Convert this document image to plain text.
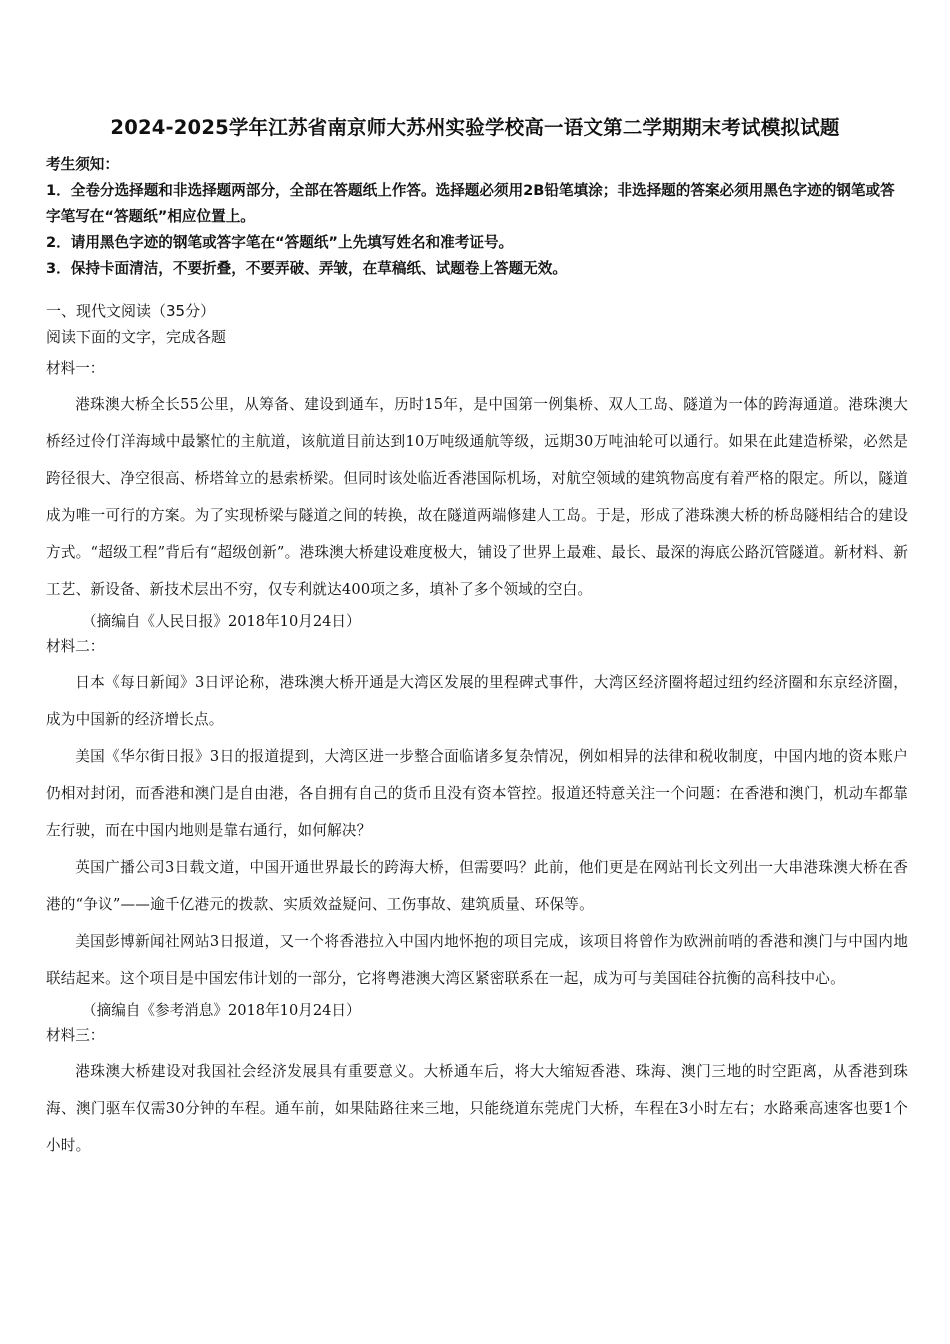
2024-2025学年江苏省南京师大苏州实验学校高一语文第二学期期末考试模拟试题

考生须知：

1．全卷分选择题和非选择题两部分，全部在答题纸上作答。选择题必须用2B铅笔填涂；非选择题的答案必须用黑色字迹的钢笔或答字笔写在“答题纸”相应位置上。

2．请用黑色字迹的钢笔或答字笔在“答题纸”上先填写姓名和准考证号。

3．保持卡面清洁，不要折叠，不要弄破、弄皱，在草稿纸、试题卷上答题无效。

一、现代文阅读（35分）

阅读下面的文字，完成各题

材料一：

港珠澳大桥全长55公里，从筹备、建设到通车，历时15年，是中国第一例集桥、双人工岛、隧道为一体的跨海通道。港珠澳大桥经过伶仃洋海域中最繁忙的主航道，该航道目前达到10万吨级通航等级，远期30万吨油轮可以通行。如果在此建造桥梁，必然是跨径很大、净空很高、桥塔耸立的悬索桥梁。但同时该处临近香港国际机场，对航空领域的建筑物高度有着严格的限定。所以，隧道成为唯一可行的方案。为了实现桥梁与隧道之间的转换，故在隧道两端修建人工岛。于是，形成了港珠澳大桥的桥岛隧相结合的建设方式。“超级工程”背后有“超级创新”。港珠澳大桥建设难度极大，铺设了世界上最难、最长、最深的海底公路沉管隧道。新材料、新工艺、新设备、新技术层出不穷，仅专利就达400项之多，填补了多个领域的空白。

（摘编自《人民日报》2018年10月24日）

材料二：

日本《每日新闻》3日评论称，港珠澳大桥开通是大湾区发展的里程碑式事件，大湾区经济圈将超过纽约经济圈和东京经济圈，成为中国新的经济增长点。

美国《华尔街日报》3日的报道提到，大湾区进一步整合面临诸多复杂情况，例如相异的法律和税收制度，中国内地的资本账户仍相对封闭，而香港和澳门是自由港，各自拥有自己的货币且没有资本管控。报道还特意关注一个问题：在香港和澳门，机动车都靠左行驶，而在中国内地则是靠右通行，如何解决？

英国广播公司3日载文道，中国开通世界最长的跨海大桥，但需要吗？此前，他们更是在网站刊长文列出一大串港珠澳大桥在香港的“争议”——逾千亿港元的拨款、实质效益疑问、工伤事故、建筑质量、环保等。

美国彭博新闻社网站3日报道，又一个将香港拉入中国内地怀抱的项目完成，该项目将曾作为欧洲前哨的香港和澳门与中国内地联结起来。这个项目是中国宏伟计划的一部分，它将粤港澳大湾区紧密联系在一起，成为可与美国硅谷抗衡的高科技中心。

（摘编自《参考消息》2018年10月24日）

材料三：

港珠澳大桥建设对我国社会经济发展具有重要意义。大桥通车后，将大大缩短香港、珠海、澳门三地的时空距离，从香港到珠海、澳门驱车仅需30分钟的车程。通车前，如果陆路往来三地，只能绕道东莞虎门大桥，车程在3小时左右；水路乘高速客也要1个小时。
